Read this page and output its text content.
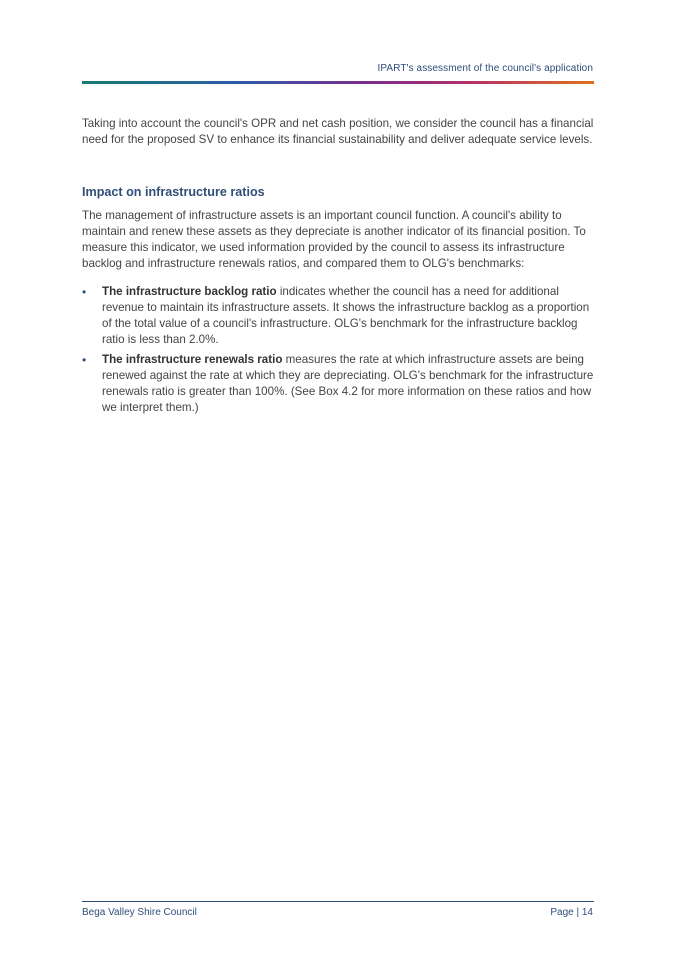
IPART's assessment of the council's application

Taking into account the council's OPR and net cash position, we consider the council has a financial need for the proposed SV to enhance its financial sustainability and deliver adequate service levels.

Impact on infrastructure ratios

The management of infrastructure assets is an important council function. A council's ability to maintain and renew these assets as they depreciate is another indicator of its financial position. To measure this indicator, we used information provided by the council to assess its infrastructure backlog and infrastructure renewals ratios, and compared them to OLG's benchmarks:

• The infrastructure backlog ratio indicates whether the council has a need for additional revenue to maintain its infrastructure assets. It shows the infrastructure backlog as a proportion of the total value of a council's infrastructure. OLG's benchmark for the infrastructure backlog ratio is less than 2.0%.
• The infrastructure renewals ratio measures the rate at which infrastructure assets are being renewed against the rate at which they are depreciating. OLG's benchmark for the infrastructure renewals ratio is greater than 100%. (See Box 4.2 for more information on these ratios and how we interpret them.)
Bega Valley Shire Council	Page | 14
